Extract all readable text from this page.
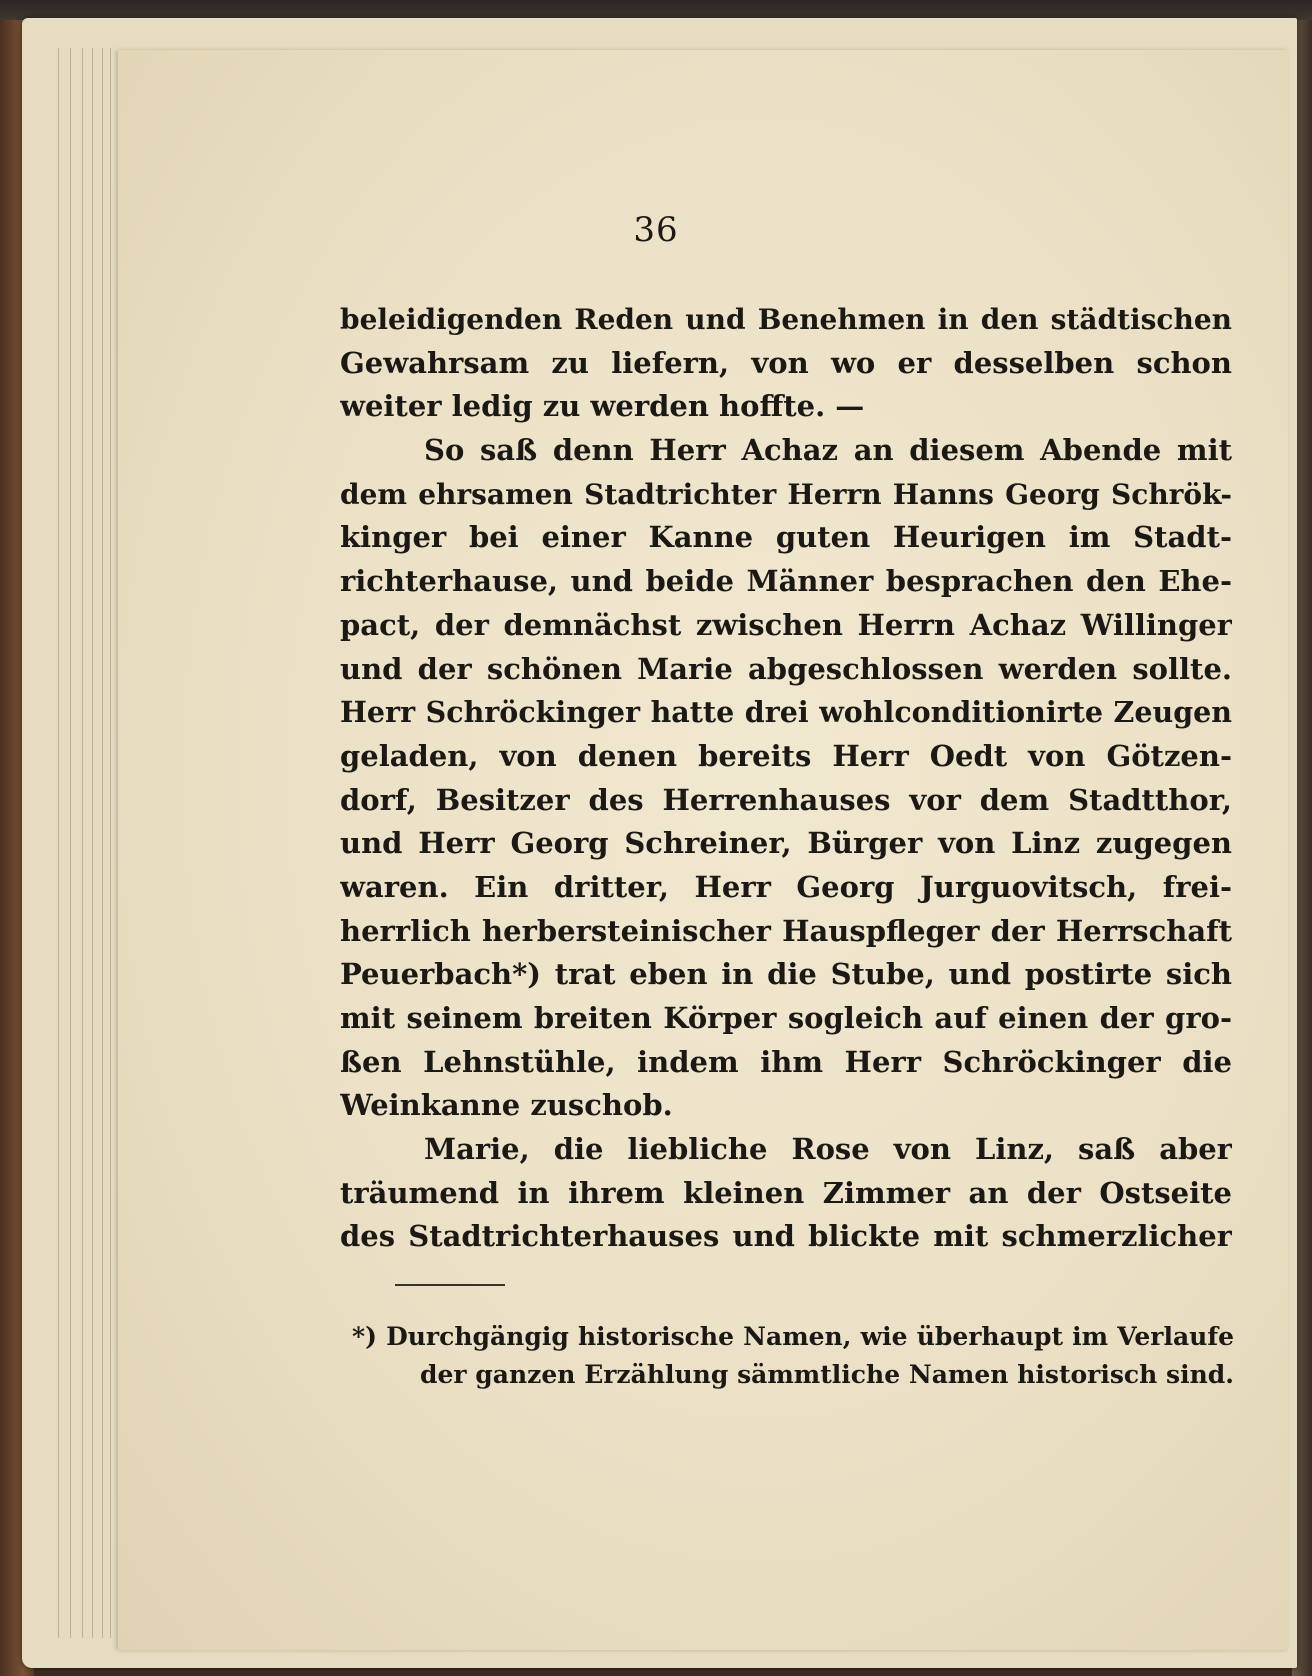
36
beleidigenden Reden und Benehmen in den städtischen
Gewahrsam zu liefern, von wo er desselben schon
weiter ledig zu werden hoffte. —
So saß denn Herr Achaz an diesem Abende mit
dem ehrsamen Stadtrichter Herrn Hanns Georg Schrök-
kinger bei einer Kanne guten Heurigen im Stadt-
richterhause, und beide Männer besprachen den Ehe-
pact, der demnächst zwischen Herrn Achaz Willinger
und der schönen Marie abgeschlossen werden sollte.
Herr Schröckinger hatte drei wohlconditionirte Zeugen
geladen, von denen bereits Herr Oedt von Götzen-
dorf, Besitzer des Herrenhauses vor dem Stadtthor,
und Herr Georg Schreiner, Bürger von Linz zugegen
waren. Ein dritter, Herr Georg Jurguovitsch, frei-
herrlich herbersteinischer Hauspfleger der Herrschaft
Peuerbach*) trat eben in die Stube, und postirte sich
mit seinem breiten Körper sogleich auf einen der gro-
ßen Lehnstühle, indem ihm Herr Schröckinger die
Weinkanne zuschob.
Marie, die liebliche Rose von Linz, saß aber
träumend in ihrem kleinen Zimmer an der Ostseite
des Stadtrichterhauses und blickte mit schmerzlicher
*) Durchgängig historische Namen, wie überhaupt im Verlaufe
der ganzen Erzählung sämmtliche Namen historisch sind.
